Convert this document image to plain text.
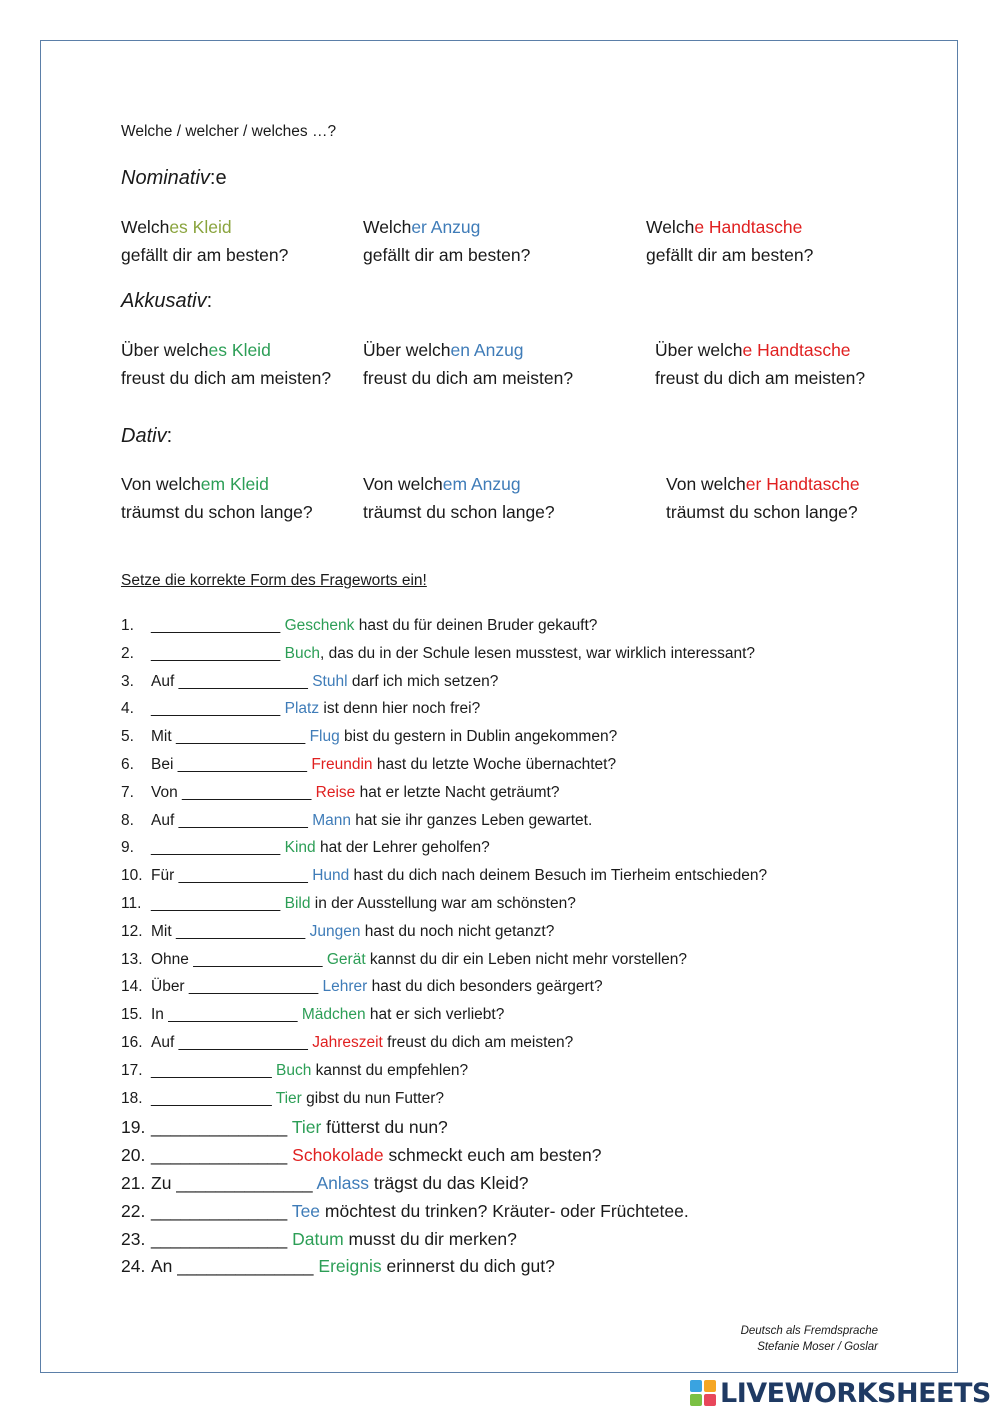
Welche / welcher / welches …?
Nominativ:e
Welches Kleid
gefällt dir am besten?
Welcher Anzug
gefällt dir am besten?
Welche Handtasche
gefällt dir am besten?
Akkusativ:
Über welches Kleid
freust du dich am meisten?
Über welchen Anzug
freust du dich am meisten?
Über welche Handtasche
freust du dich am meisten?
Dativ:
Von welchem Kleid
träumst du schon lange?
Von welchem Anzug
träumst du schon lange?
Von welcher Handtasche
träumst du schon lange?
Setze die korrekte Form des Frageworts ein!
1. _______________ Geschenk hast du für deinen Bruder gekauft?
2. _______________ Buch, das du in der Schule lesen musstest, war wirklich interessant?
3. Auf _______________ Stuhl darf ich mich setzen?
4. _______________ Platz ist denn hier noch frei?
5. Mit _______________ Flug bist du gestern in Dublin angekommen?
6. Bei _______________ Freundin hast du letzte Woche übernachtet?
7. Von _______________ Reise hat er letzte Nacht geträumt?
8. Auf _______________ Mann hat sie ihr ganzes Leben gewartet.
9. _______________ Kind hat der Lehrer geholfen?
10. Für _______________ Hund hast du dich nach deinem Besuch im Tierheim entschieden?
11. _______________ Bild in der Ausstellung war am schönsten?
12. Mit _______________ Jungen hast du noch nicht getanzt?
13. Ohne _______________ Gerät kannst du dir ein Leben nicht mehr vorstellen?
14. Über _______________ Lehrer hast du dich besonders geärgert?
15. In _______________ Mädchen hat er sich verliebt?
16. Auf _______________ Jahreszeit freust du dich am meisten?
17. ______________ Buch kannst du empfehlen?
18. ______________ Tier gibst du nun Futter?
19. ______________ Tier fütterst du nun?
20. ______________ Schokolade schmeckt euch am besten?
21. Zu ______________ Anlass trägst du das Kleid?
22. ______________ Tee möchtest du trinken? Kräuter- oder Früchtetee.
23. ______________ Datum musst du dir merken?
24. An ______________ Ereignis erinnerst du dich gut?
Deutsch als Fremdsprache
Stefanie Moser / Goslar
LIVEWORKSHEETS
